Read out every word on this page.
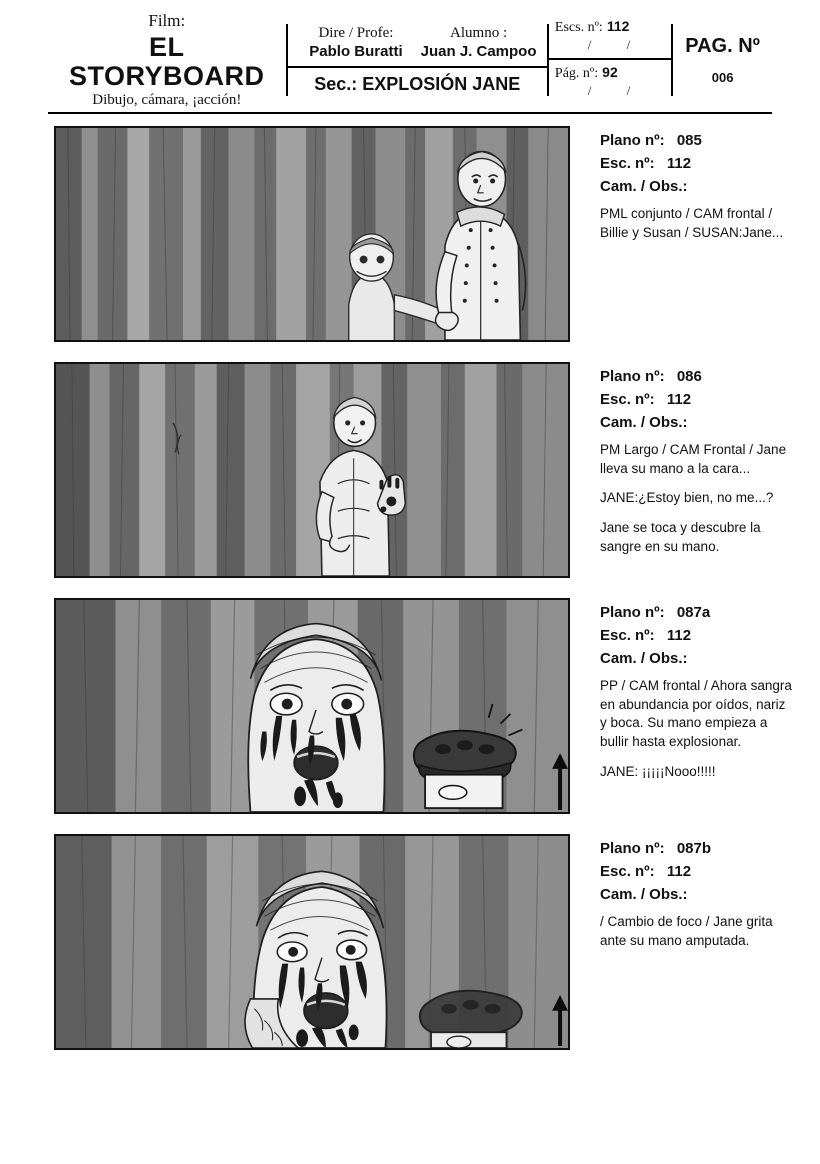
Film:
EL STORYBOARD
Dibujo, cámara, ¡acción!
Dire / Profe:
Pablo Buratti
Alumno :
Juan J. Campoo
Sec.: EXPLOSIÓN JANE
Escs. nº: 112
/ /
Pág. nº: 92
/ /
PAG. Nº
006
Plano nº: 085
Esc. nº: 112
Cam. / Obs.:
PML conjunto / CAM frontal / Billie y Susan / SUSAN:Jane...
Plano nº: 086
Esc. nº: 112
Cam. / Obs.:
PM Largo / CAM Frontal / Jane lleva su mano a la cara...
JANE:¿Estoy bien, no me...?
Jane se toca y descubre la sangre en su mano.
Plano nº: 087a
Esc. nº: 112
Cam. / Obs.:
PP / CAM frontal / Ahora sangra en abundancia por oídos, nariz y boca. Su mano empieza a bullir hasta explosionar.
JANE: ¡¡¡¡¡Nooo!!!!!
Plano nº: 087b
Esc. nº: 112
Cam. / Obs.:
/ Cambio de foco / Jane grita ante su mano amputada.
